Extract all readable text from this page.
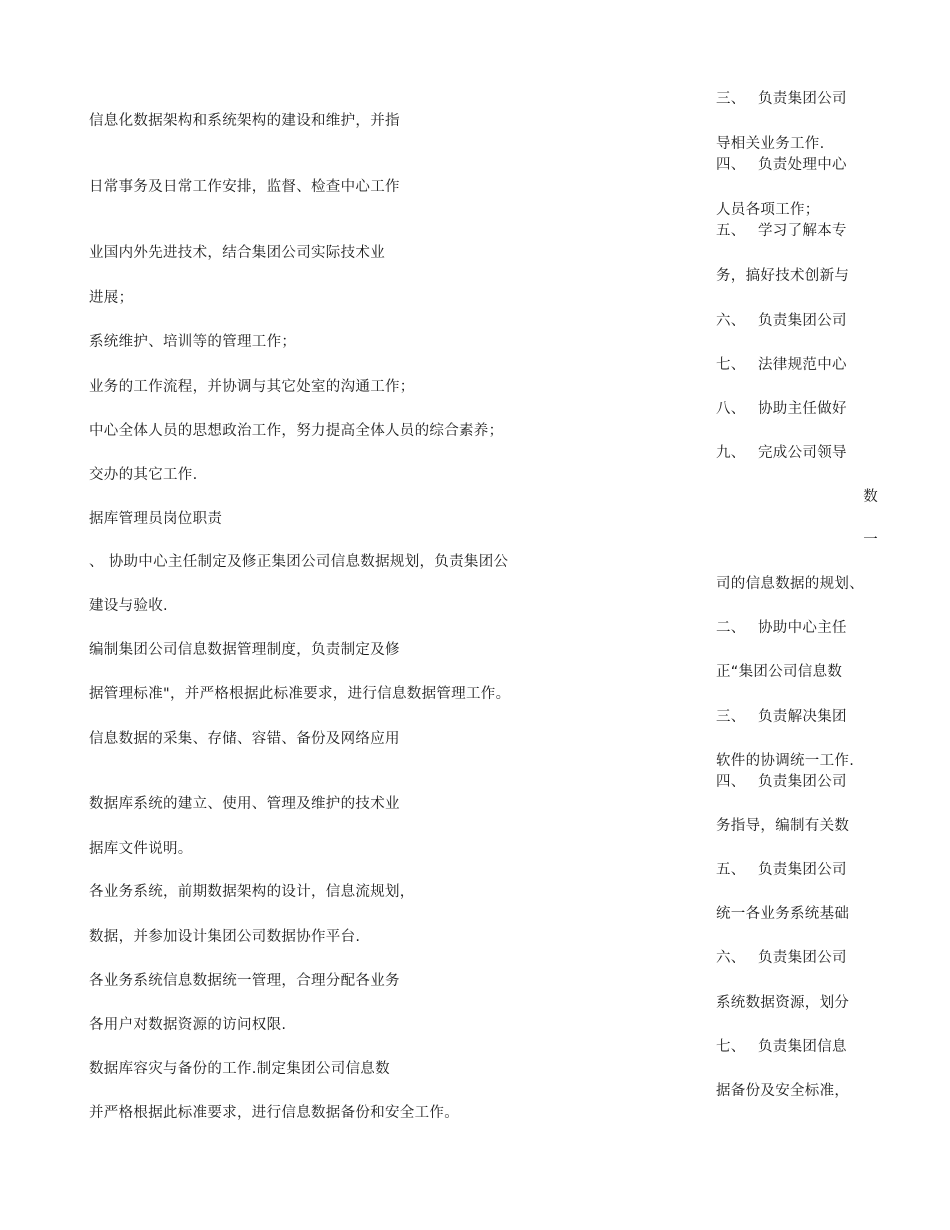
信息化数据架构和系统架构的建设和维护，并指
日常事务及日常工作安排，监督、检查中心工作
业国内外先进技术，结合集团公司实际技术业
进展；
系统维护、培训等的管理工作；
业务的工作流程，并协调与其它处室的沟通工作；
中心全体人员的思想政治工作，努力提高全体人员的综合素养；
交办的其它工作.
据库管理员岗位职责
、 协助中心主任制定及修正集团公司信息数据规划，负责集团公
建设与验收.
编制集团公司信息数据管理制度，负责制定及修
据管理标准"，并严格根据此标准要求，进行信息数据管理工作。
信息数据的采集、存储、容错、备份及网络应用
数据库系统的建立、使用、管理及维护的技术业
据库文件说明。
各业务系统，前期数据架构的设计，信息流规划，
数据，并参加设计集团公司数据协作平台.
各业务系统信息数据统一管理，合理分配各业务
各用户对数据资源的访问权限.
数据库容灾与备份的工作.制定集团公司信息数
并严格根据此标准要求，进行信息数据备份和安全工作。
三、 负责集团公司
导相关业务工作.
四、 负责处理中心
人员各项工作；
五、 学习了解本专
务，搞好技术创新与
六、 负责集团公司
七、 法律规范中心
八、 协助主任做好
九、 完成公司领导
数
一
司的信息数据的规划、
二、 协助中心主任
正“集团公司信息数
三、 负责解决集团
软件的协调统一工作.
四、 负责集团公司
务指导，编制有关数
五、 负责集团公司
统一各业务系统基础
六、 负责集团公司
系统数据资源，划分
七、 负责集团信息
据备份及安全标准，
